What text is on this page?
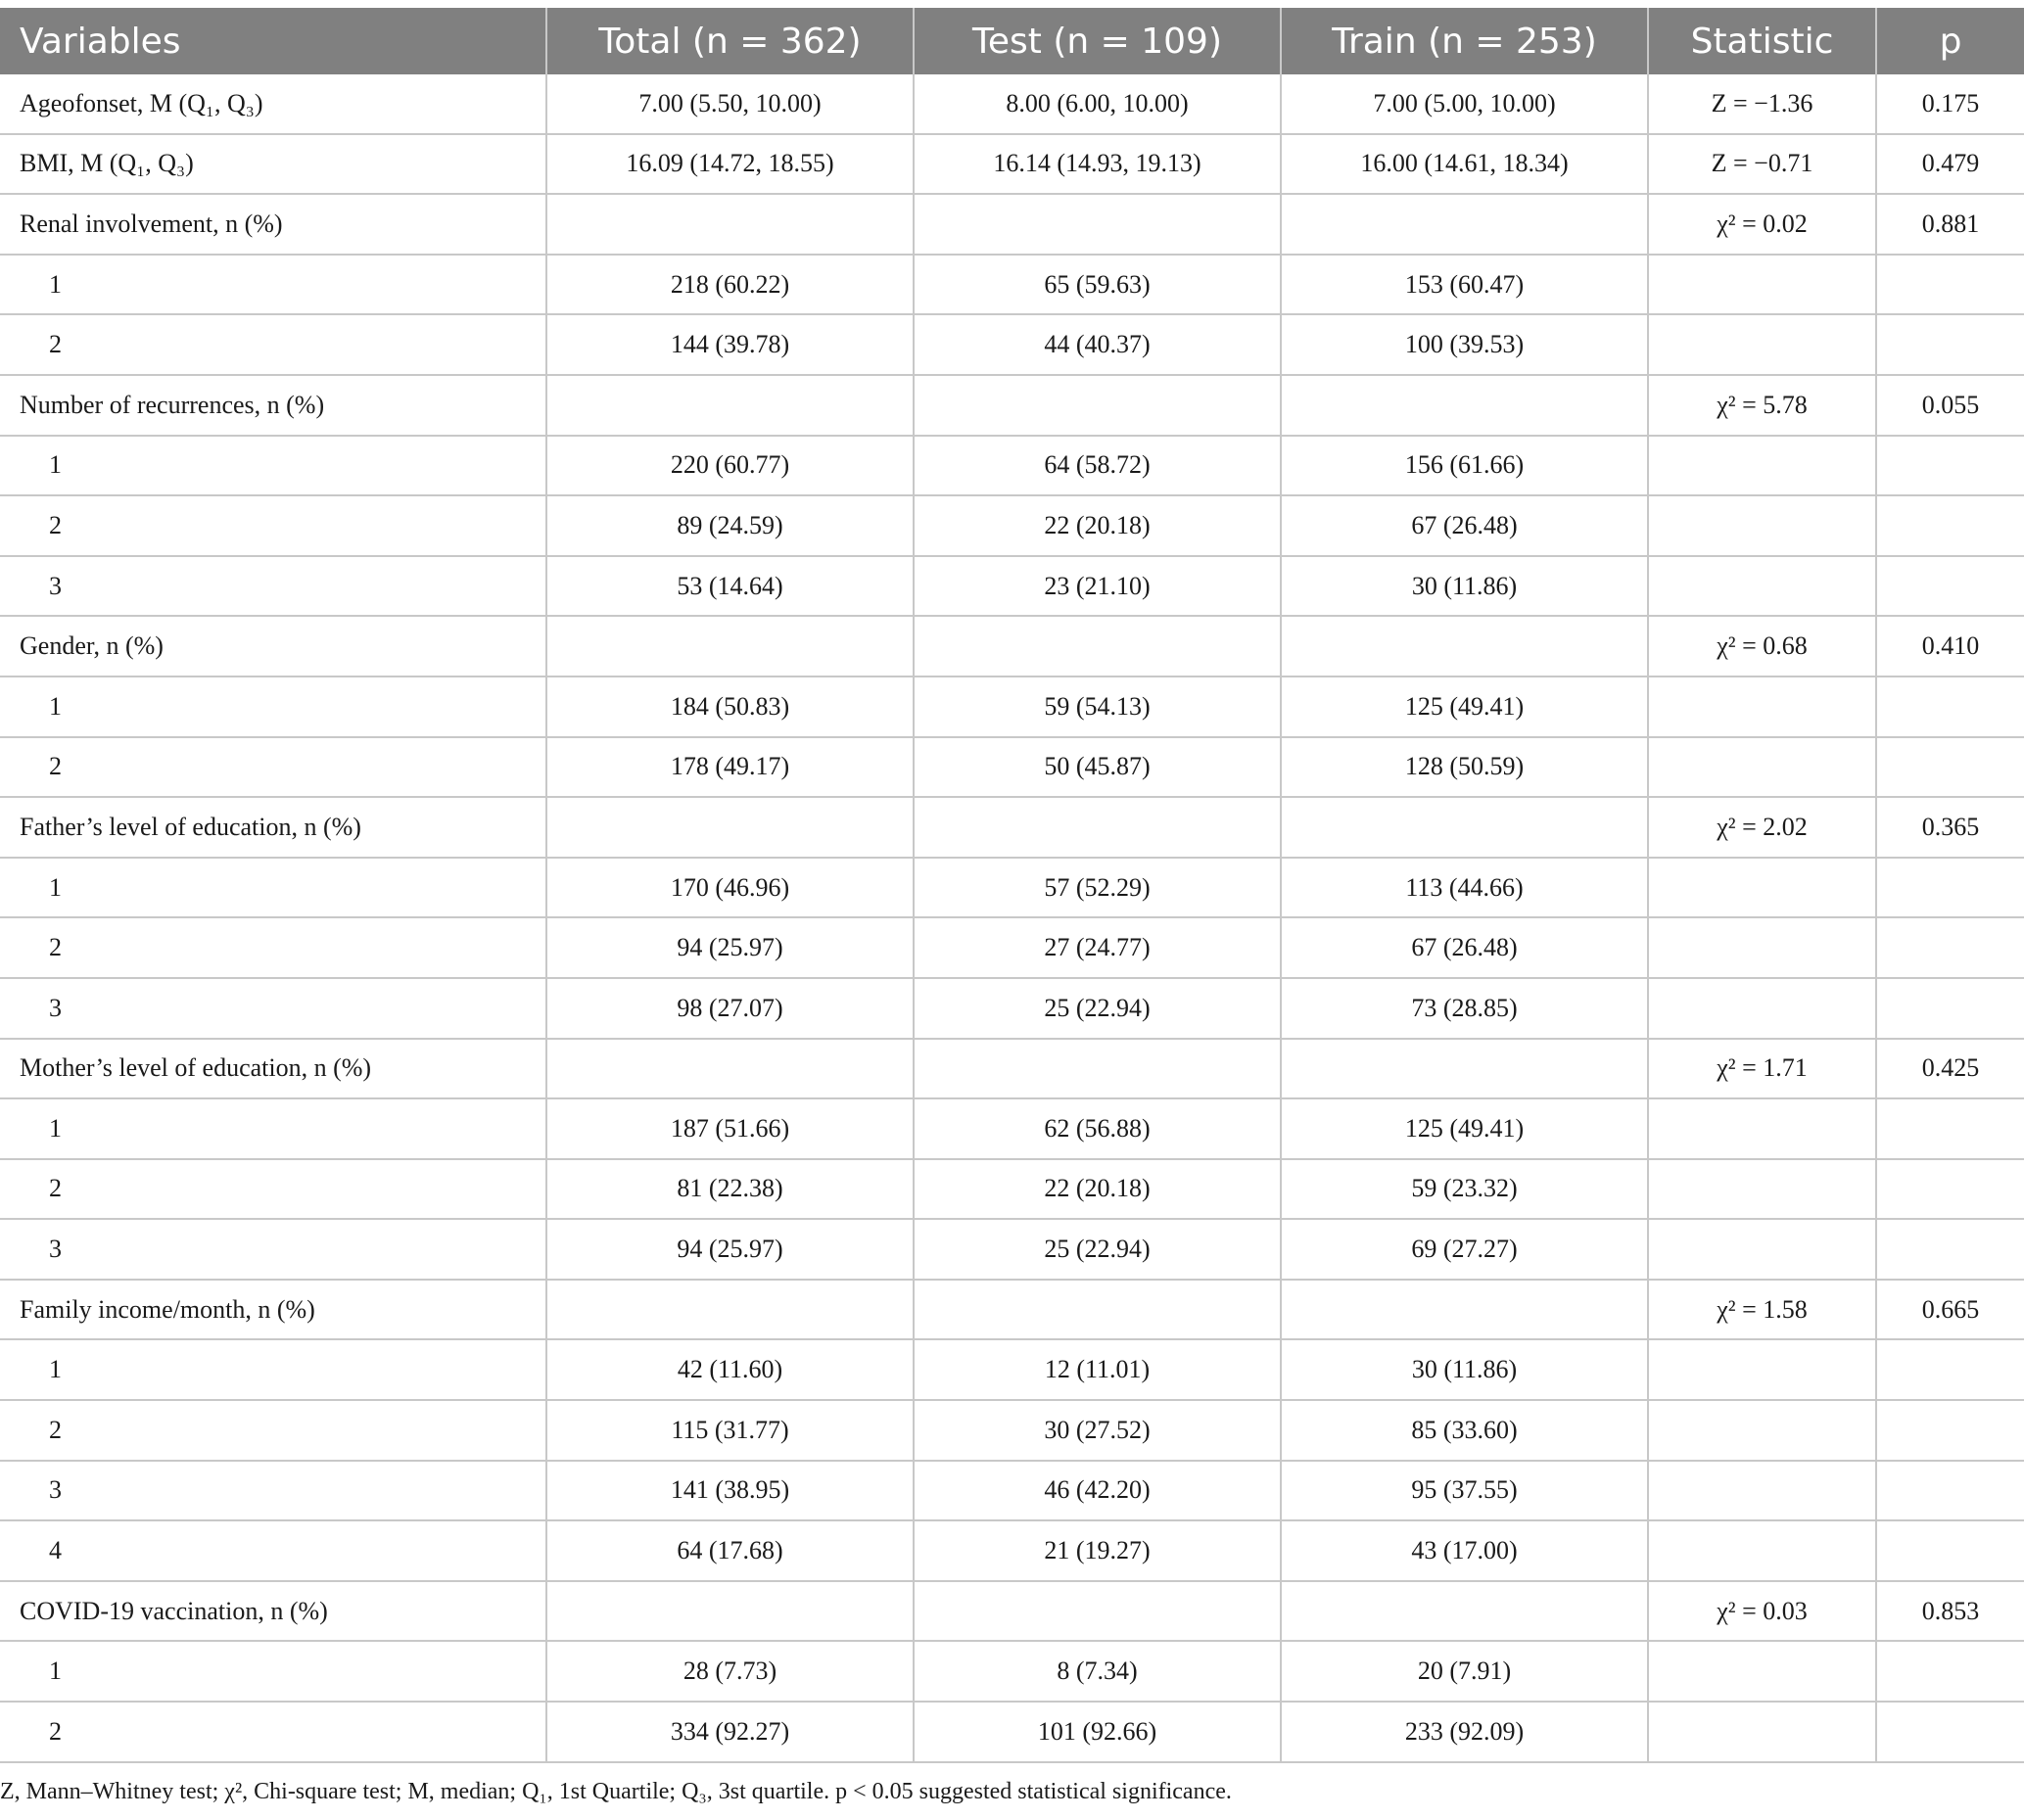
Variables	Total (n = 362)	Test (n = 109)	Train (n = 253)	Statistic	p
Ageofonset, M (Q₁, Q₃)	7.00 (5.50, 10.00)	8.00 (6.00, 10.00)	7.00 (5.00, 10.00)	Z = −1.36	0.175
BMI, M (Q₁, Q₃)	16.09 (14.72, 18.55)	16.14 (14.93, 19.13)	16.00 (14.61, 18.34)	Z = −0.71	0.479
Renal involvement, n (%)				χ² = 0.02	0.881
1	218 (60.22)	65 (59.63)	153 (60.47)		
2	144 (39.78)	44 (40.37)	100 (39.53)		
Number of recurrences, n (%)				χ² = 5.78	0.055
1	220 (60.77)	64 (58.72)	156 (61.66)		
2	89 (24.59)	22 (20.18)	67 (26.48)		
3	53 (14.64)	23 (21.10)	30 (11.86)		
Gender, n (%)				χ² = 0.68	0.410
1	184 (50.83)	59 (54.13)	125 (49.41)		
2	178 (49.17)	50 (45.87)	128 (50.59)		
Father’s level of education, n (%)				χ² = 2.02	0.365
1	170 (46.96)	57 (52.29)	113 (44.66)		
2	94 (25.97)	27 (24.77)	67 (26.48)		
3	98 (27.07)	25 (22.94)	73 (28.85)		
Mother’s level of education, n (%)				χ² = 1.71	0.425
1	187 (51.66)	62 (56.88)	125 (49.41)		
2	81 (22.38)	22 (20.18)	59 (23.32)		
3	94 (25.97)	25 (22.94)	69 (27.27)		
Family income/month, n (%)				χ² = 1.58	0.665
1	42 (11.60)	12 (11.01)	30 (11.86)		
2	115 (31.77)	30 (27.52)	85 (33.60)		
3	141 (38.95)	46 (42.20)	95 (37.55)		
4	64 (17.68)	21 (19.27)	43 (17.00)		
COVID-19 vaccination, n (%)				χ² = 0.03	0.853
1	28 (7.73)	8 (7.34)	20 (7.91)		
2	334 (92.27)	101 (92.66)	233 (92.09)		
Z, Mann–Whitney test; χ², Chi-square test; M, median; Q₁, 1st Quartile; Q₃, 3st quartile. p < 0.05 suggested statistical significance.
